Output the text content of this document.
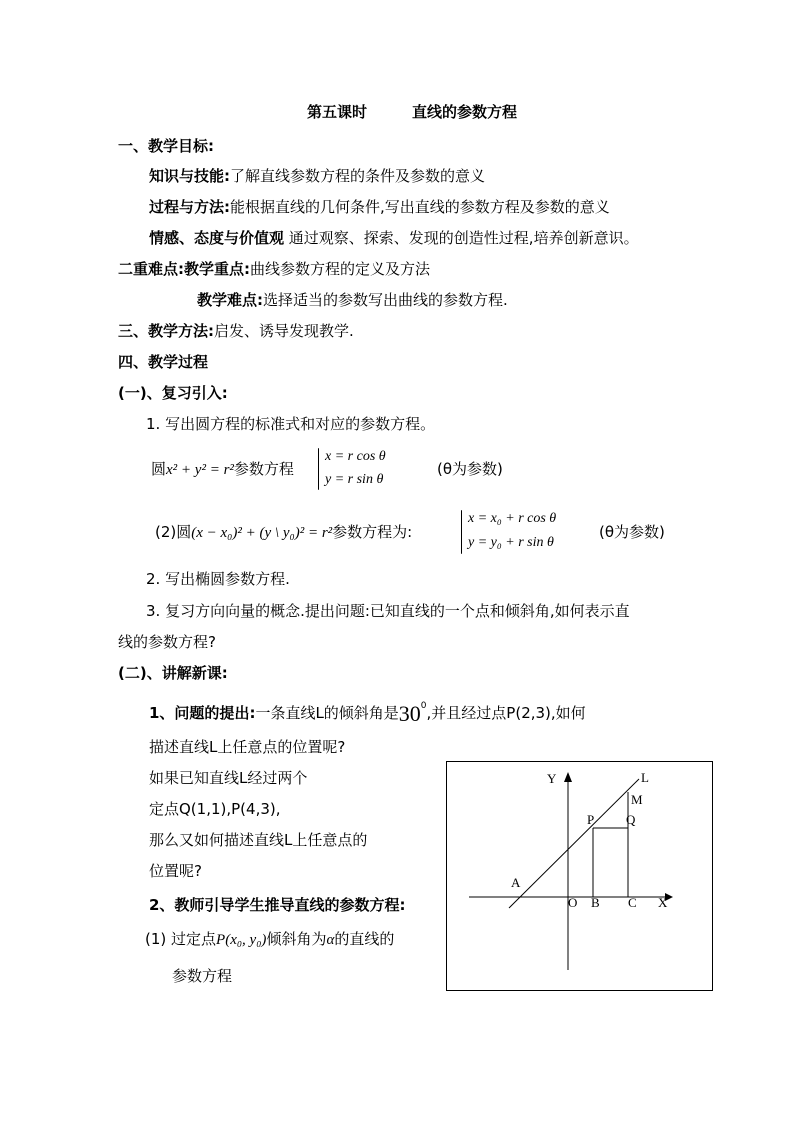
第五课时	直线的参数方程
一、教学目标:
知识与技能:了解直线参数方程的条件及参数的意义
过程与方法:能根据直线的几何条件,写出直线的参数方程及参数的意义
情感、态度与价值观 通过观察、探索、发现的创造性过程,培养创新意识。
二重难点:教学重点:曲线参数方程的定义及方法
教学难点:选择适当的参数写出曲线的参数方程.
三、教学方法:启发、诱导发现教学.
四、教学过程
(一)、复习引入:
1. 写出圆方程的标准式和对应的参数方程。
圆x² + y² = r²参数方程
x = r cos θ
y = r sin θ
(θ为参数)
(2)圆(x − x₀)² + (y \ y₀)² = r²参数方程为:
x = x₀ + r cos θ
y = y₀ + r sin θ
(θ为参数)
2. 写出椭圆参数方程.
3. 复习方向向量的概念.提出问题:已知直线的一个点和倾斜角,如何表示直
线的参数方程?
(二)、讲解新课:
1、问题的提出:一条直线L的倾斜角是$30^0$,并且经过点P(2,3),如何
描述直线L上任意点的位置呢?
如果已知直线L经过两个
定点Q(1,1),P(4,3),
那么又如何描述直线L上任意点的
位置呢?
2、教师引导学生推导直线的参数方程:
(1) 过定点P(x₀, y₀)倾斜角为α的直线的
参数方程
Y	L
M
P Q
A
O B C X
